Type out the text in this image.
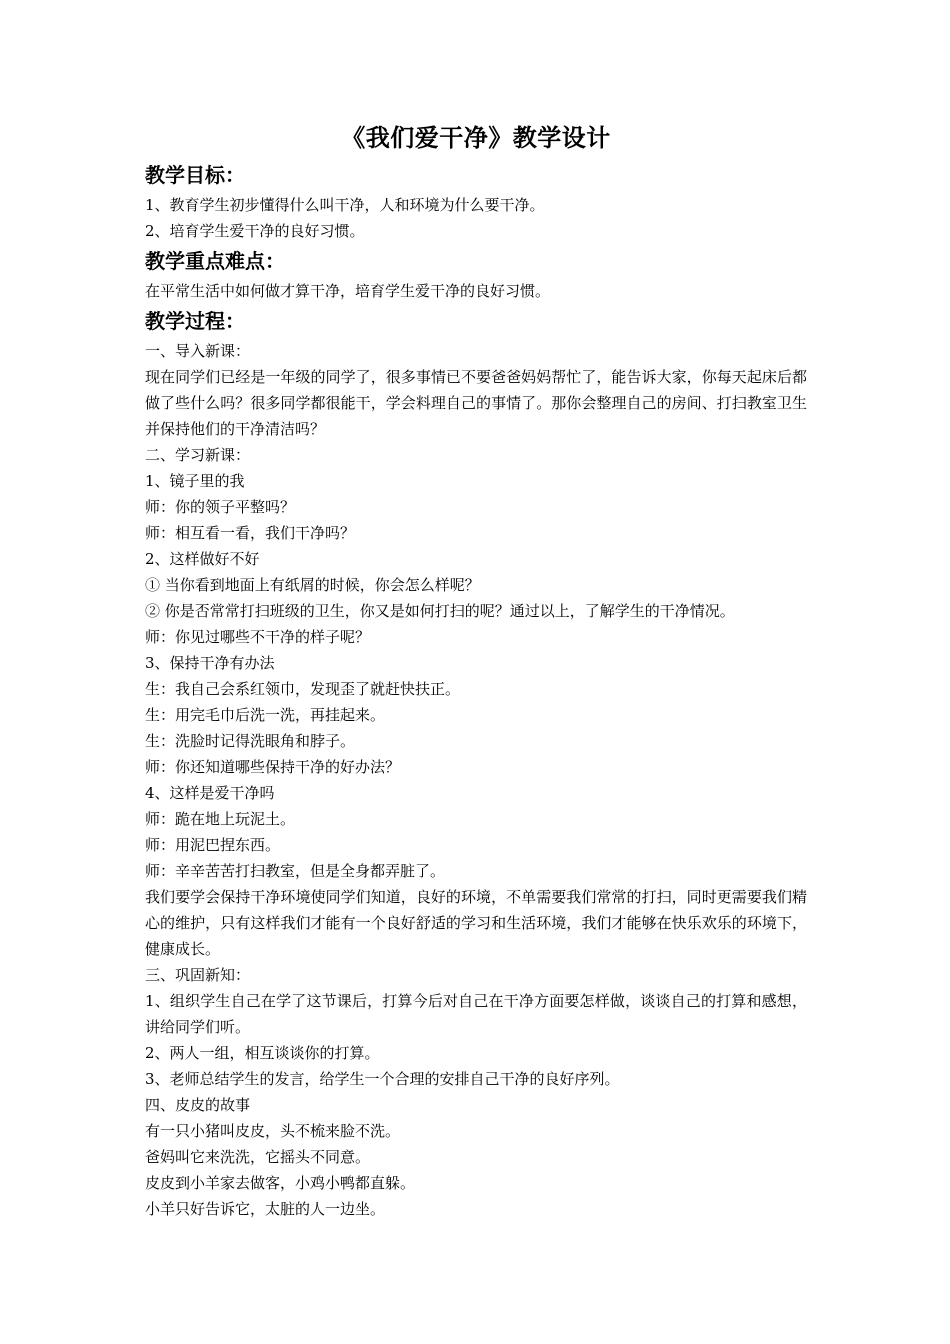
《我们爱干净》教学设计
教学目标：

1、教育学生初步懂得什么叫干净，人和环境为什么要干净。

2、培育学生爱干净的良好习惯。

教学重点难点：

在平常生活中如何做才算干净，培育学生爱干净的良好习惯。

教学过程：

一、导入新课：

现在同学们已经是一年级的同学了，很多事情已不要爸爸妈妈帮忙了，能告诉大家，你每天起床后都做了些什么吗？很多同学都很能干，学会料理自己的事情了。那你会整理自己的房间、打扫教室卫生并保持他们的干净清洁吗？

二、学习新课：

1、镜子里的我

师：你的领子平整吗？

师：相互看一看，我们干净吗？

2、这样做好不好

① 当你看到地面上有纸屑的时候，你会怎么样呢？

② 你是否常常打扫班级的卫生，你又是如何打扫的呢？通过以上，了解学生的干净情况。

师：你见过哪些不干净的样子呢？

3、保持干净有办法

生：我自己会系红领巾，发现歪了就赶快扶正。

生：用完毛巾后洗一洗，再挂起来。

生：洗脸时记得洗眼角和脖子。

师：你还知道哪些保持干净的好办法？

4、这样是爱干净吗

师：跪在地上玩泥土。

师：用泥巴捏东西。

师：辛辛苦苦打扫教室，但是全身都弄脏了。

我们要学会保持干净环境使同学们知道，良好的环境，不单需要我们常常的打扫，同时更需要我们精心的维护，只有这样我们才能有一个良好舒适的学习和生活环境，我们才能够在快乐欢乐的环境下，健康成长。

三、巩固新知：

1、组织学生自己在学了这节课后，打算今后对自己在干净方面要怎样做，谈谈自己的打算和感想，讲给同学们听。

2、两人一组，相互谈谈你的打算。

3、老师总结学生的发言，给学生一个合理的安排自己干净的良好序列。

四、皮皮的故事

有一只小猪叫皮皮，头不梳来脸不洗。

爸妈叫它来洗洗，它摇头不同意。

皮皮到小羊家去做客，小鸡小鸭都直躲。

小羊只好告诉它，太脏的人一边坐。
